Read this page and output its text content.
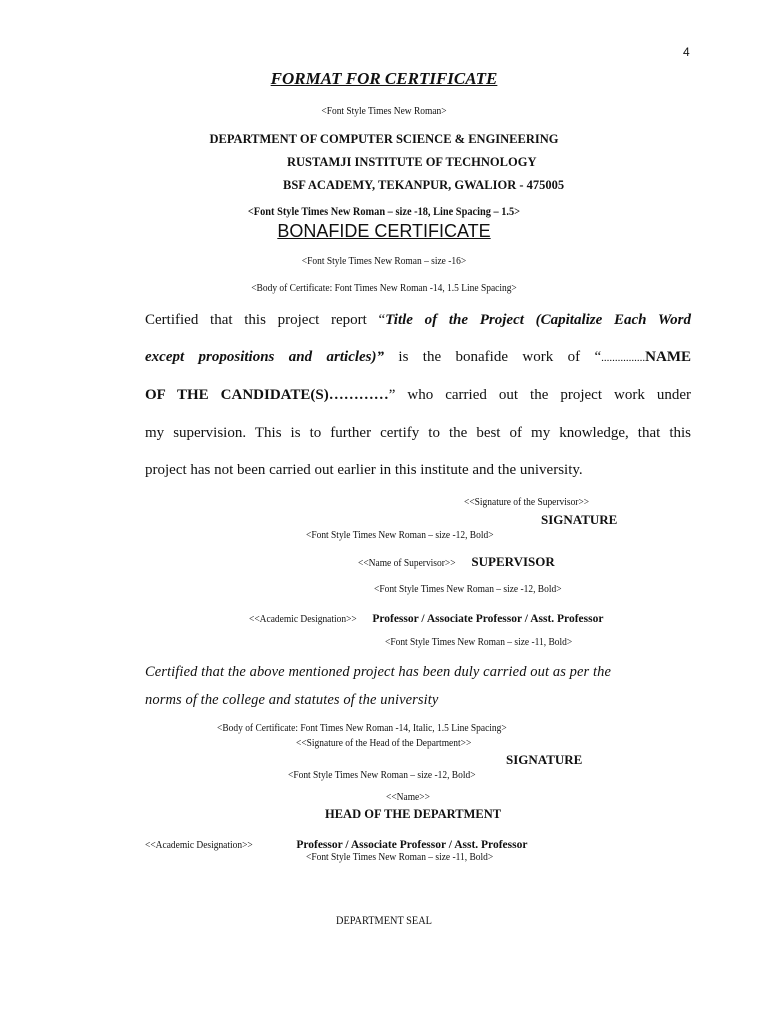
4
FORMAT FOR CERTIFICATE
<Font Style Times New Roman>
DEPARTMENT OF COMPUTER SCIENCE & ENGINEERING
RUSTAMJI INSTITUTE OF TECHNOLOGY
BSF ACADEMY, TEKANPUR, GWALIOR - 475005
<Font Style Times New Roman – size -18, Line Spacing – 1.5>
BONAFIDE CERTIFICATE
<Font Style Times New Roman – size -16>
<Body of Certificate: Font Times New Roman -14, 1.5 Line Spacing>
Certified that this project report “Title of the Project (Capitalize Each Word
except propositions and articles)” is the bonafide work of “................NAME
OF THE CANDIDATE(S)…………” who carried out the project work under
my supervision. This is to further certify to the best of my knowledge, that this
project has not been carried out earlier in this institute and the university.
<<Signature of the Supervisor>>
SIGNATURE
<Font Style Times New Roman – size -12, Bold>
<<Name of Supervisor>> SUPERVISOR
<Font Style Times New Roman – size -12, Bold>
<<Academic Designation>> Professor / Associate Professor / Asst. Professor
<Font Style Times New Roman – size -11, Bold>
Certified that the above mentioned project has been duly carried out as per the
norms of the college and statutes of the university
<Body of Certificate: Font Times New Roman -14, Italic, 1.5 Line Spacing>
<<Signature of the Head of the Department>>
SIGNATURE
<Font Style Times New Roman – size -12, Bold>
<<Name>>
HEAD OF THE DEPARTMENT
<<Academic Designation>>	Professor / Associate Professor / Asst. Professor
<Font Style Times New Roman – size -11, Bold>
DEPARTMENT SEAL
